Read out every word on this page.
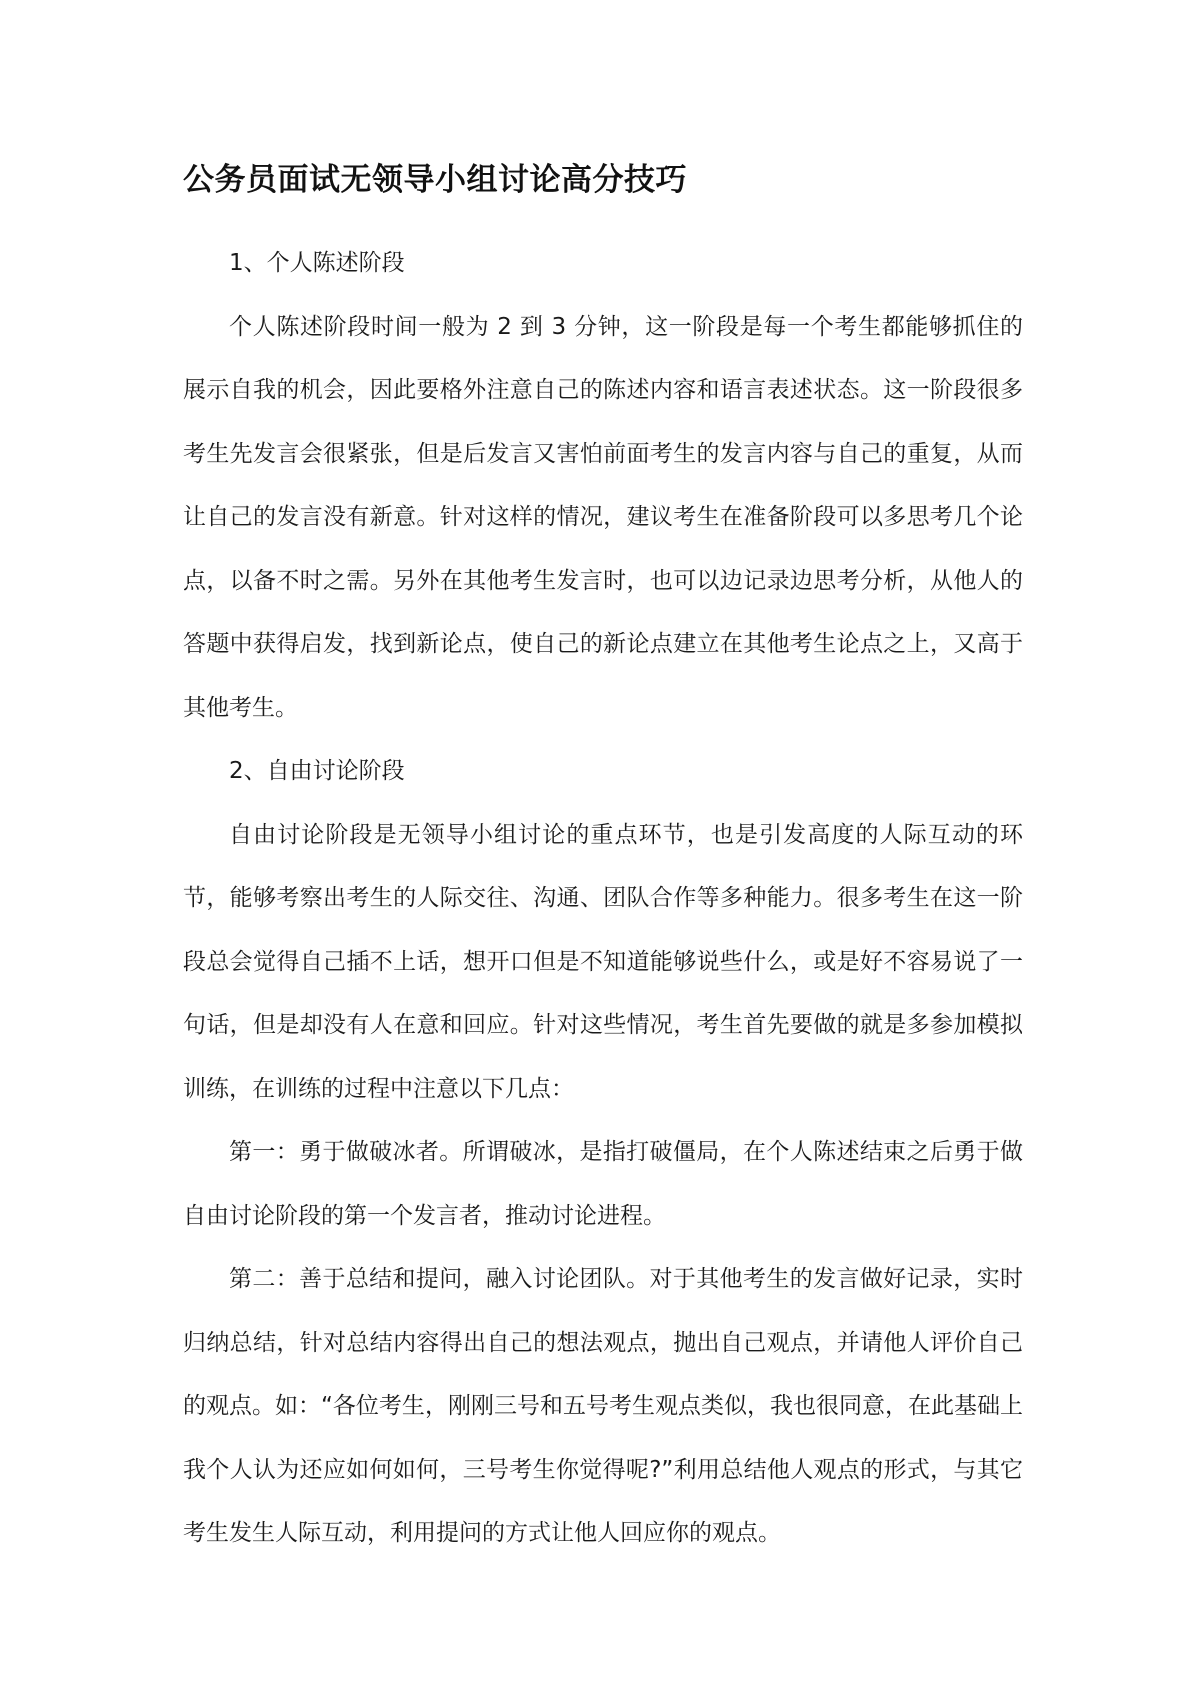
公务员面试无领导小组讨论高分技巧

1、个人陈述阶段

个人陈述阶段时间一般为 2 到 3 分钟，这一阶段是每一个考生都能够抓住的展示自我的机会，因此要格外注意自己的陈述内容和语言表述状态。这一阶段很多考生先发言会很紧张，但是后发言又害怕前面考生的发言内容与自己的重复，从而让自己的发言没有新意。针对这样的情况，建议考生在准备阶段可以多思考几个论点，以备不时之需。另外在其他考生发言时，也可以边记录边思考分析，从他人的答题中获得启发，找到新论点，使自己的新论点建立在其他考生论点之上，又高于其他考生。

2、自由讨论阶段

自由讨论阶段是无领导小组讨论的重点环节，也是引发高度的人际互动的环节，能够考察出考生的人际交往、沟通、团队合作等多种能力。很多考生在这一阶段总会觉得自己插不上话，想开口但是不知道能够说些什么，或是好不容易说了一句话，但是却没有人在意和回应。针对这些情况，考生首先要做的就是多参加模拟训练，在训练的过程中注意以下几点：

第一：勇于做破冰者。所谓破冰，是指打破僵局，在个人陈述结束之后勇于做自由讨论阶段的第一个发言者，推动讨论进程。

第二：善于总结和提问，融入讨论团队。对于其他考生的发言做好记录，实时归纳总结，针对总结内容得出自己的想法观点，抛出自己观点，并请他人评价自己的观点。如：“各位考生，刚刚三号和五号考生观点类似，我也很同意，在此基础上我个人认为还应如何如何，三号考生你觉得呢?”利用总结他人观点的形式，与其它考生发生人际互动，利用提问的方式让他人回应你的观点。
